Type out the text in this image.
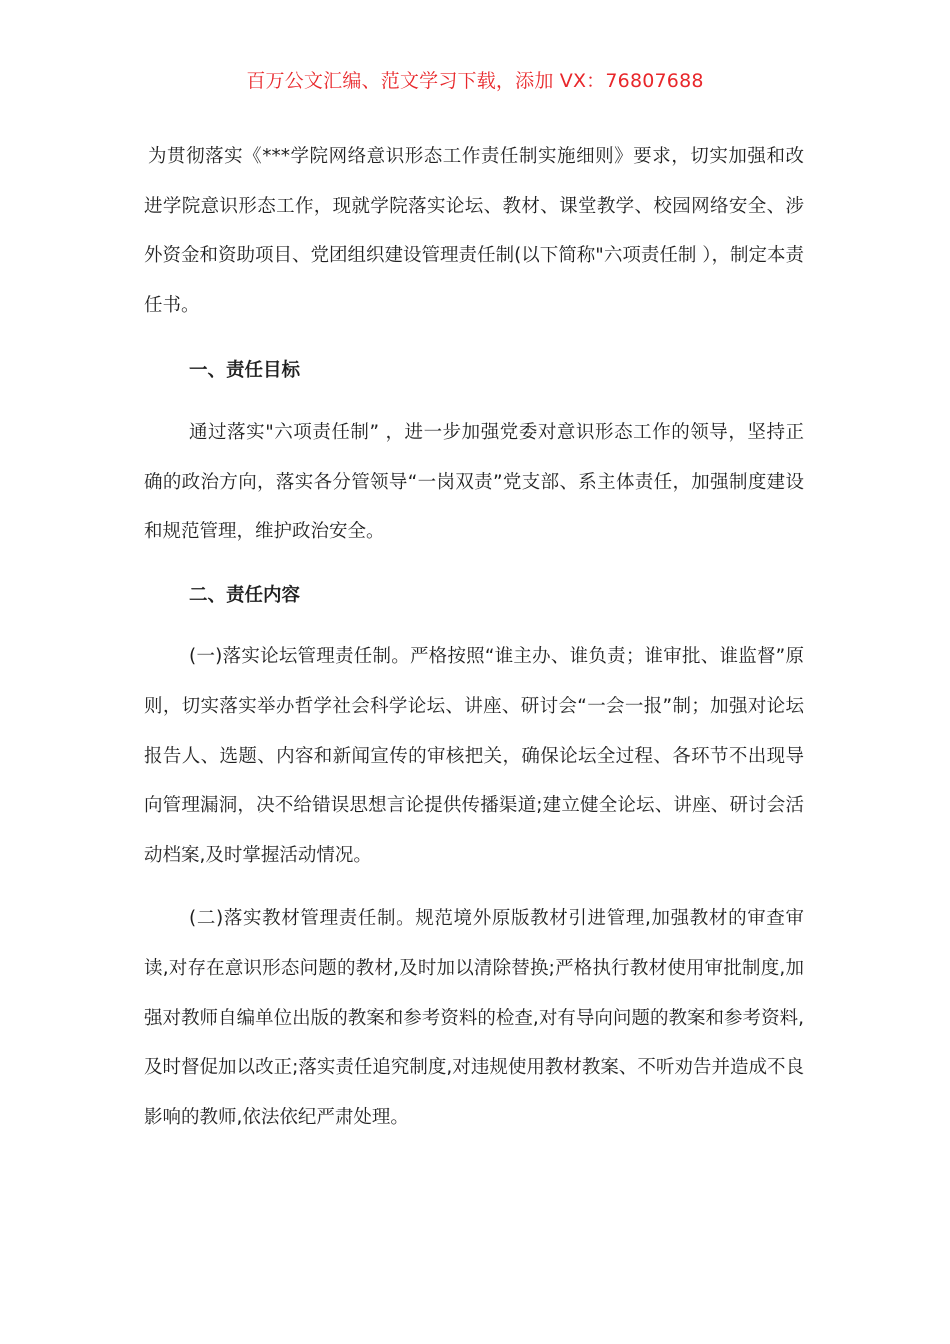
百万公文汇编、范文学习下载，添加 VX：76807688

为贯彻落实《***学院网络意识形态工作责任制实施细则》要求，切实加强和改进学院意识形态工作，现就学院落实论坛、教材、课堂教学、校园网络安全、涉外资金和资助项目、党团组织建设管理责任制(以下简称"六项责任制 ），制定本责任书。

一、责任目标

通过落实"六项责任制” ，进一步加强党委对意识形态工作的领导，坚持正确的政治方向，落实各分管领导“一岗双责”党支部、系主体责任，加强制度建设和规范管理，维护政治安全。

二、责任内容

(一)落实论坛管理责任制。严格按照“谁主办、谁负责；谁审批、谁监督”原则，切实落实举办哲学社会科学论坛、讲座、研讨会“一会一报”制；加强对论坛报告人、选题、内容和新闻宣传的审核把关，确保论坛全过程、各环节不出现导向管理漏洞，决不给错误思想言论提供传播渠道;建立健全论坛、讲座、研讨会活动档案,及时掌握活动情况。

(二)落实教材管理责任制。规范境外原版教材引进管理,加强教材的审查审读,对存在意识形态问题的教材,及时加以清除替换;严格执行教材使用审批制度,加强对教师自编单位出版的教案和参考资料的检查,对有导向问题的教案和参考资料,及时督促加以改正;落实责任追究制度,对违规使用教材教案、不听劝告并造成不良影响的教师,依法依纪严肃处理。
